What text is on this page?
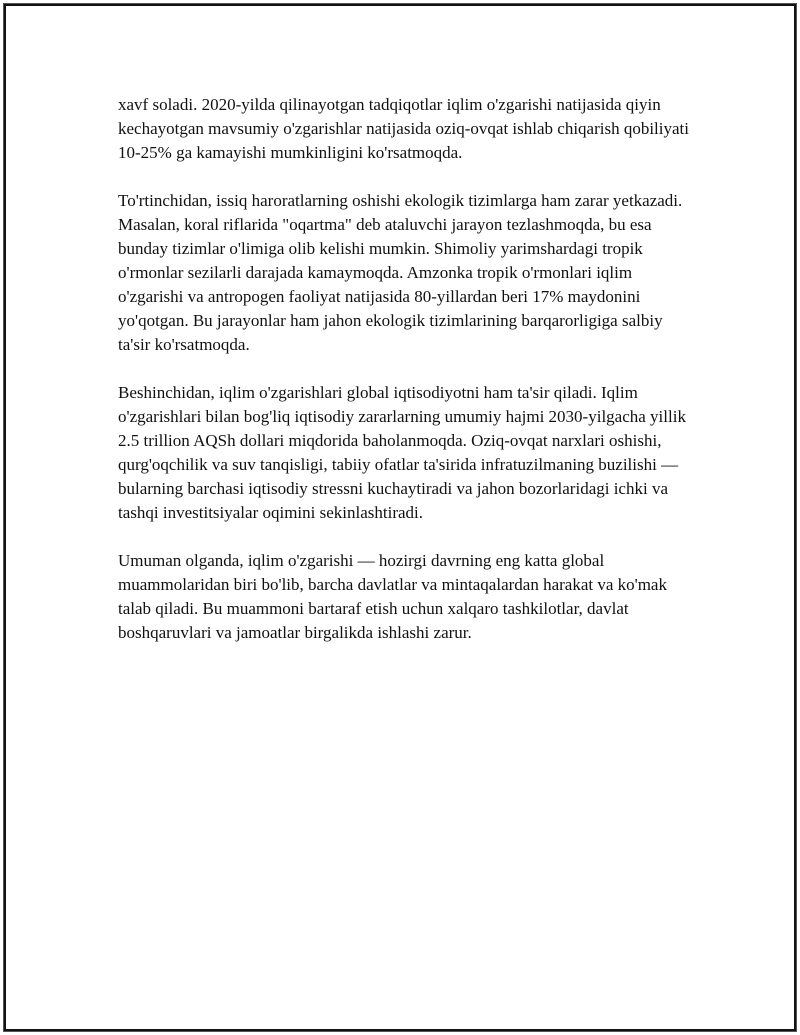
xavf soladi. 2020-yilda qilinayotgan tadqiqotlar iqlim o'zgarishi natijasida qiyin kechayotgan mavsumiy o'zgarishlar natijasida oziq-ovqat ishlab chiqarish qobiliyati 10-25% ga kamayishi mumkinligini ko'rsatmoqda.

To'rtinchidan, issiq haroratlarning oshishi ekologik tizimlarga ham zarar yetkazadi. Masalan, koral riflarida "oqartma" deb ataluvchi jarayon tezlashmoqda, bu esa bunday tizimlar o'limiga olib kelishi mumkin. Shimoliy yarimshardagi tropik o'rmonlar sezilarli darajada kamaymoqda. Amzonka tropik o'rmonlari iqlim o'zgarishi va antropogen faoliyat natijasida 80-yillardan beri 17% maydonini yo'qotgan. Bu jarayonlar ham jahon ekologik tizimlarining barqarorligiga salbiy ta'sir ko'rsatmoqda.

Beshinchidan, iqlim o'zgarishlari global iqtisodiyotni ham ta'sir qiladi. Iqlim o'zgarishlari bilan bog'liq iqtisodiy zararlarning umumiy hajmi 2030-yilgacha yillik 2.5 trillion AQSh dollari miqdorida baholanmoqda. Oziq-ovqat narxlari oshishi, qurg'oqchilik va suv tanqisligi, tabiiy ofatlar ta'sirida infratuzilmaning buzilishi — bularning barchasi iqtisodiy stressni kuchaytiradi va jahon bozorlaridagi ichki va tashqi investitsiyalar oqimini sekinlashtiradi.

Umuman olganda, iqlim o'zgarishi — hozirgi davrning eng katta global muammolaridan biri bo'lib, barcha davlatlar va mintaqalardan harakat va ko'mak talab qiladi. Bu muammoni bartaraf etish uchun xalqaro tashkilotlar, davlat boshqaruvlari va jamoatlar birgalikda ishlashi zarur.
